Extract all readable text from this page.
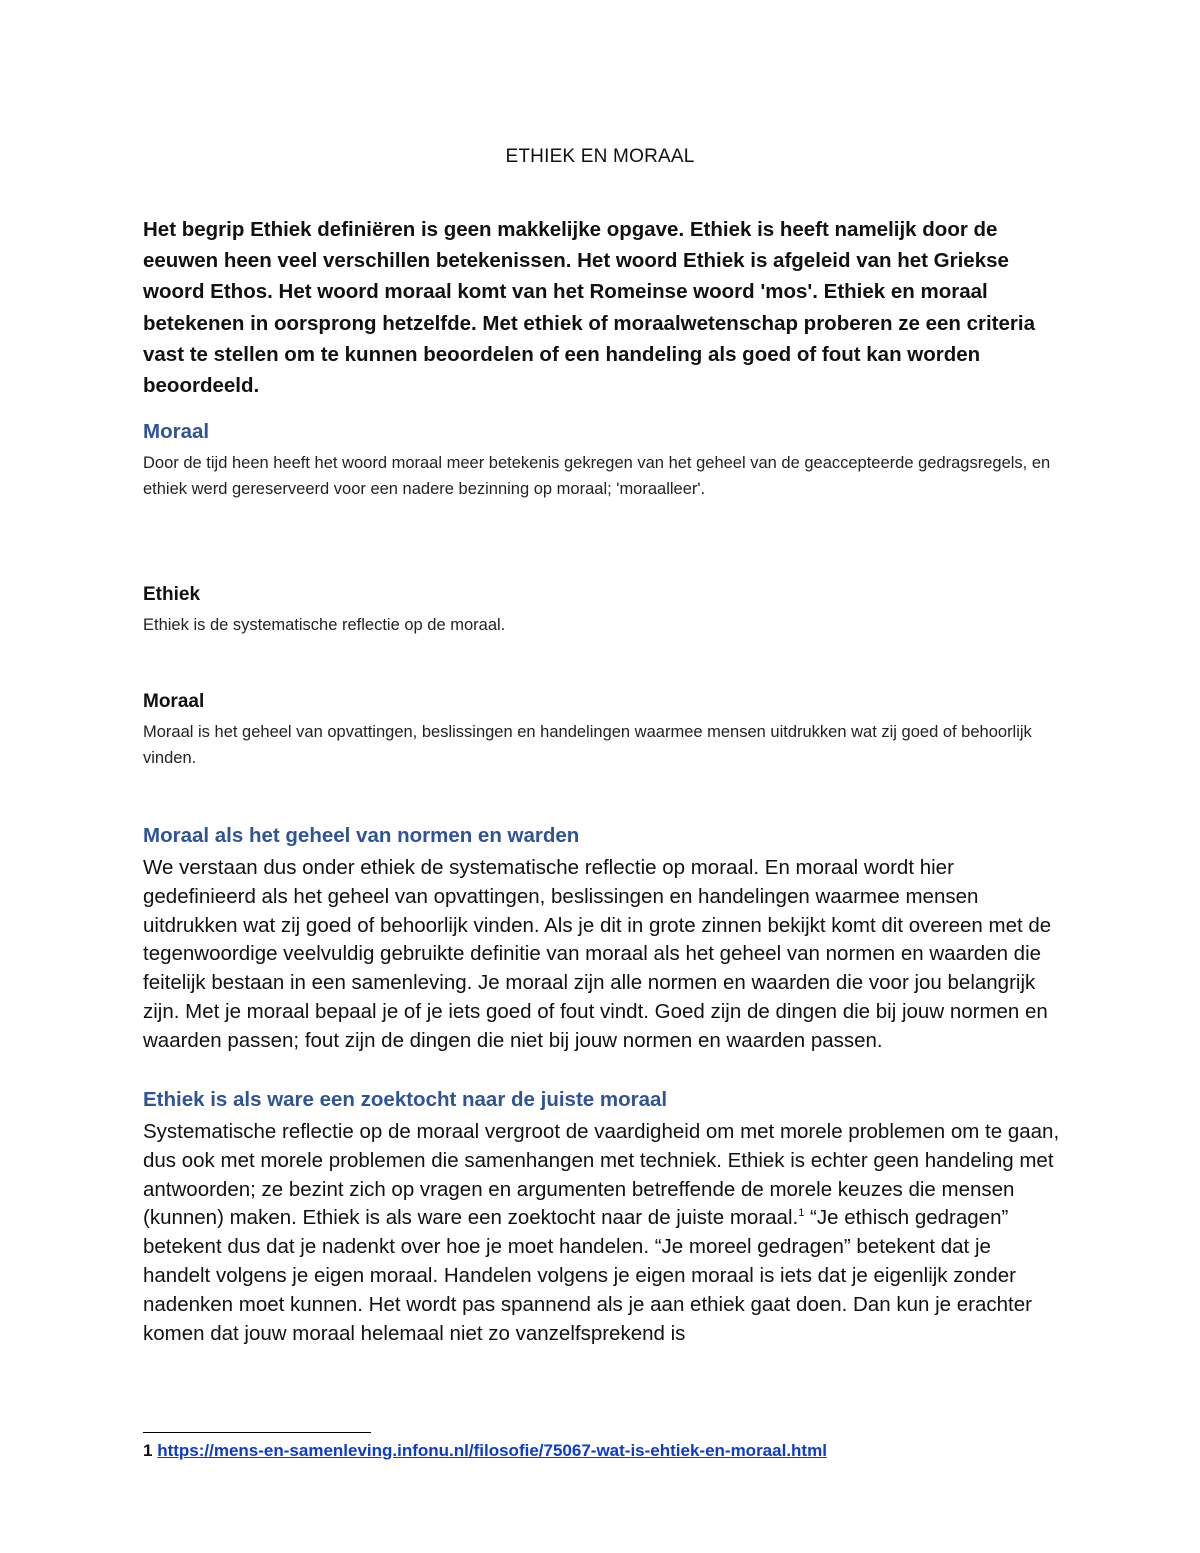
ETHIEK EN MORAAL

Het begrip Ethiek definiëren is geen makkelijke opgave. Ethiek is heeft namelijk door de eeuwen heen veel verschillen betekenissen. Het woord Ethiek is afgeleid van het Griekse woord Ethos. Het woord moraal komt van het Romeinse woord 'mos'. Ethiek en moraal betekenen in oorsprong hetzelfde. Met ethiek of moraalwetenschap proberen ze een criteria vast te stellen om te kunnen beoordelen of een handeling als goed of fout kan worden beoordeeld.

Moraal

Door de tijd heen heeft het woord moraal meer betekenis gekregen van het geheel van de geaccepteerde gedragsregels, en ethiek werd gereserveerd voor een nadere bezinning op moraal; 'moraalleer'.

Ethiek

Ethiek is de systematische reflectie op de moraal.

Moraal

Moraal is het geheel van opvattingen, beslissingen en handelingen waarmee mensen uitdrukken wat zij goed of behoorlijk vinden.

Moraal als het geheel van normen en warden

We verstaan dus onder ethiek de systematische reflectie op moraal. En moraal wordt hier gedefinieerd als het geheel van opvattingen, beslissingen en handelingen waarmee mensen uitdrukken wat zij goed of behoorlijk vinden. Als je dit in grote zinnen bekijkt komt dit overeen met de tegenwoordige veelvuldig gebruikte definitie van moraal als het geheel van normen en waarden die feitelijk bestaan in een samenleving. Je moraal zijn alle normen en waarden die voor jou belangrijk zijn. Met je moraal bepaal je of je iets goed of fout vindt. Goed zijn de dingen die bij jouw normen en waarden passen; fout zijn de dingen die niet bij jouw normen en waarden passen.

Ethiek is als ware een zoektocht naar de juiste moraal

Systematische reflectie op de moraal vergroot de vaardigheid om met morele problemen om te gaan, dus ook met morele problemen die samenhangen met techniek. Ethiek is echter geen handeling met antwoorden; ze bezint zich op vragen en argumenten betreffende de morele keuzes die mensen (kunnen) maken. Ethiek is als ware een zoektocht naar de juiste moraal.$^1$ “Je ethisch gedragen” betekent dus dat je nadenkt over hoe je moet handelen. “Je moreel gedragen” betekent dat je handelt volgens je eigen moraal. Handelen volgens je eigen moraal is iets dat je eigenlijk zonder nadenken moet kunnen. Het wordt pas spannend als je aan ethiek gaat doen. Dan kun je erachter komen dat jouw moraal helemaal niet zo vanzelfsprekend is

1 https://mens-en-samenleving.infonu.nl/filosofie/75067-wat-is-ehtiek-en-moraal.html
